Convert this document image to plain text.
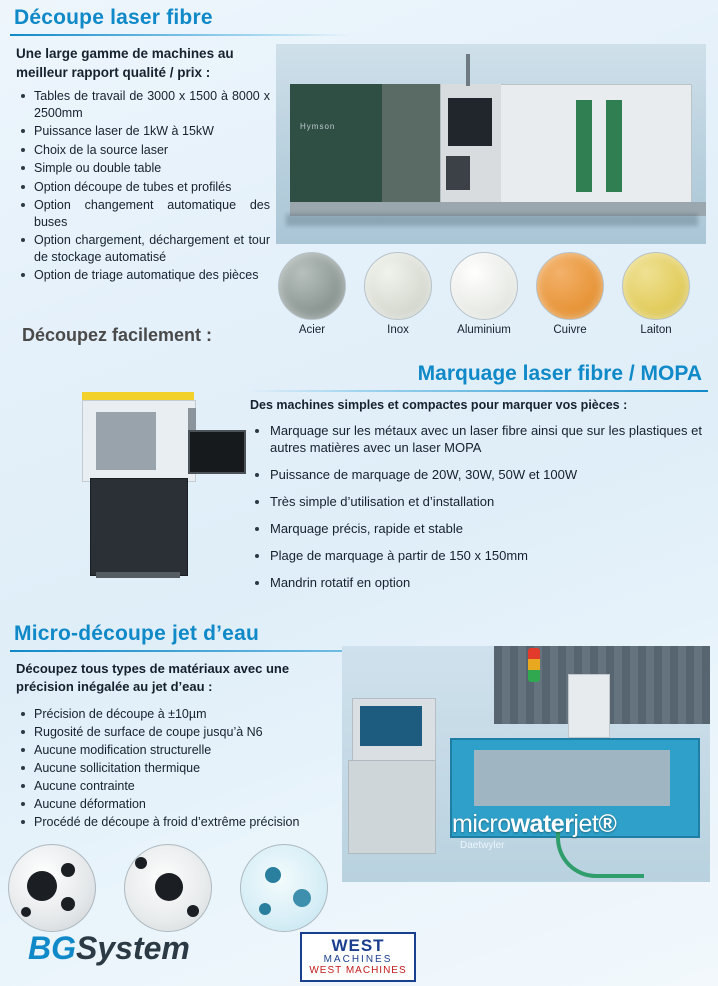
Découpe laser fibre
Une large gamme de machines au meilleur rapport qualité / prix :
Tables de travail de 3000 x 1500 à 8000 x 2500mm
Puissance laser de 1kW à 15kW
Choix de la source laser
Simple ou double table
Option découpe de tubes et profilés
Option changement automatique des buses
Option chargement, déchargement et tour de stockage automatisé
Option de triage automatique des pièces
Hymson
Acier	Inox	Aluminium	Cuivre	Laiton
Découpez facilement :
Marquage laser fibre / MOPA
Des machines simples et compactes pour marquer vos pièces :
Marquage sur les métaux avec un laser fibre ainsi que sur les plastiques et autres matières avec un laser MOPA
Puissance de marquage de 20W, 30W, 50W et 100W
Très simple d’utilisation et d’installation
Marquage précis, rapide et stable
Plage de marquage à partir de 150 x 150mm
Mandrin rotatif en option
Micro-découpe jet d’eau
Découpez tous types de matériaux avec une précision inégalée au jet d’eau :
Précision de découpe à ±10µm
Rugosité de surface de coupe jusqu’à N6
Aucune modification structurelle
Aucune sollicitation thermique
Aucune contrainte
Aucune déformation
Procédé de découpe à froid d’extrême précision	microwaterjet®
Daetwyler
BGSystem	WEST
MACHINES
WEST MACHINES
